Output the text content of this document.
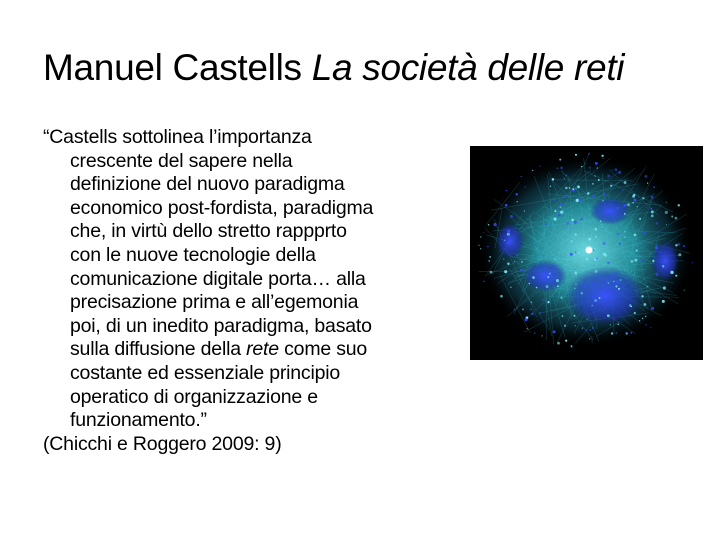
Manuel Castells La società delle reti
“Castells sottolinea l’importanza
crescente del sapere nella
definizione del nuovo paradigma
economico post-fordista, paradigma
che, in virtù dello stretto rappprto
con le nuove tecnologie della
comunicazione digitale porta… alla
precisazione prima e all’egemonia
poi, di un inedito paradigma, basato
sulla diffusione della rete come suo
costante ed essenziale principio
operatico di organizzazione e
funzionamento.”
(Chicchi e Roggero 2009: 9)
